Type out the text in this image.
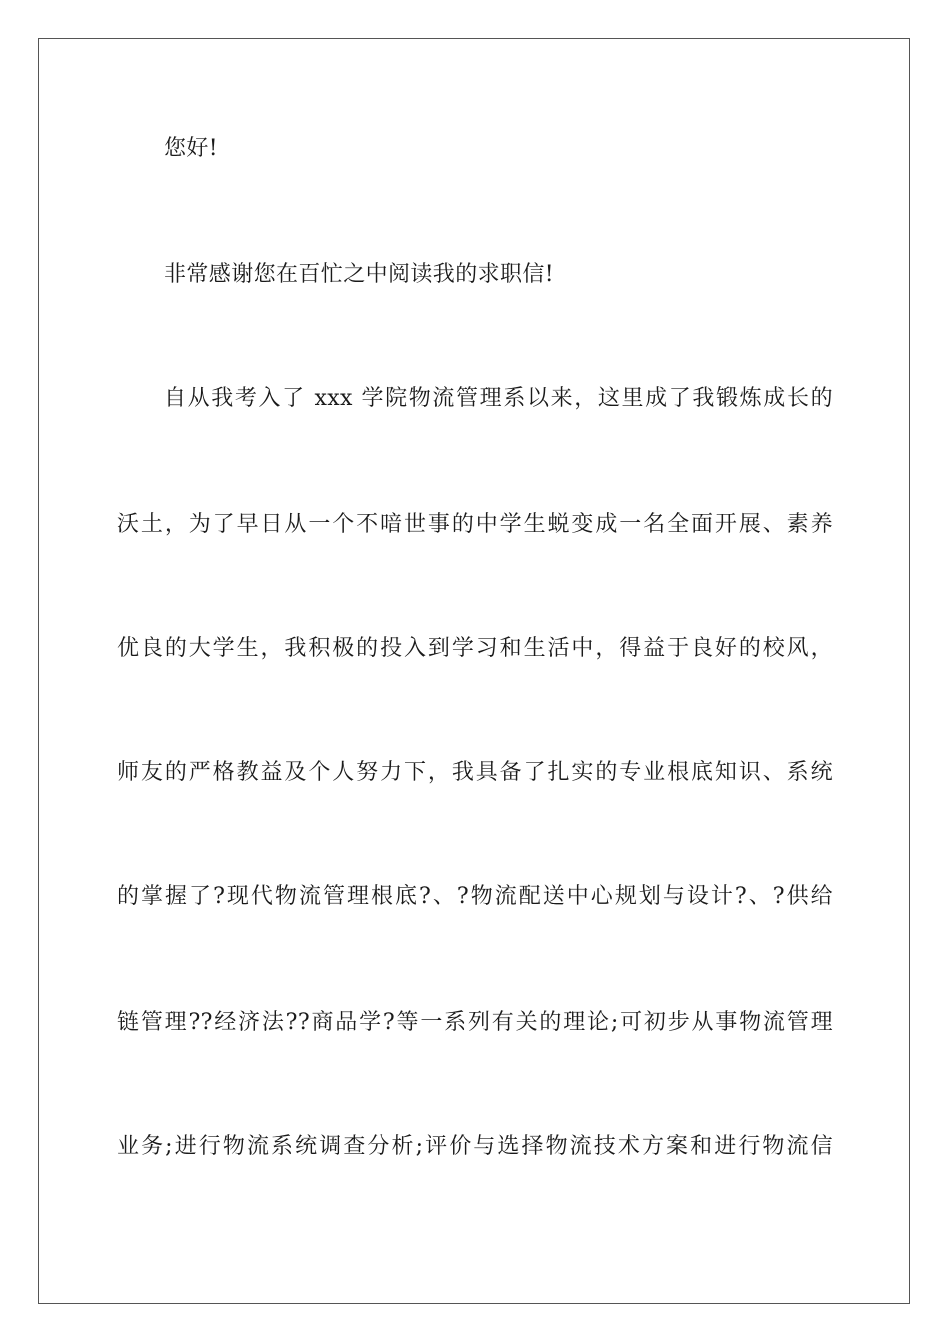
您好!
非常感谢您在百忙之中阅读我的求职信!
自从我考入了 xxx 学院物流管理系以来，这里成了我锻炼成长的
沃土，为了早日从一个不喑世事的中学生蜕变成一名全面开展、素养
优良的大学生，我积极的投入到学习和生活中，得益于良好的校风，
师友的严格教益及个人努力下，我具备了扎实的专业根底知识、系统
的掌握了?现代物流管理根底?、?物流配送中心规划与设计?、?供给
链管理??经济法??商品学?等一系列有关的理论;可初步从事物流管理
业务;进行物流系统调查分析;评价与选择物流技术方案和进行物流信
